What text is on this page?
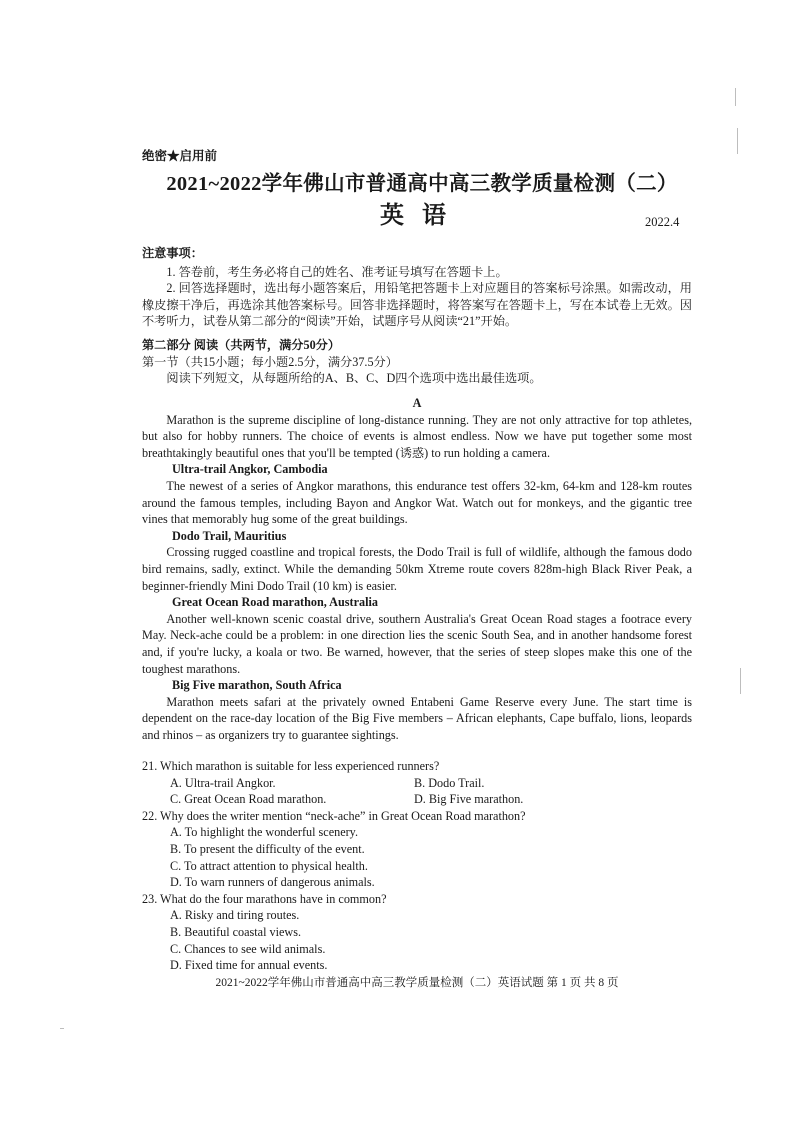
绝密★启用前
2021~2022学年佛山市普通高中高三教学质量检测（二）
英语	2022.4

注意事项：

1. 答卷前，考生务必将自己的姓名、准考证号填写在答题卡上。

2. 回答选择题时，选出每小题答案后，用铅笔把答题卡上对应题目的答案标号涂黑。如需改动，用橡皮擦干净后，再选涂其他答案标号。回答非选择题时，将答案写在答题卡上，写在本试卷上无效。因不考听力，试卷从第二部分的“阅读”开始，试题序号从阅读“21”开始。

第二部分 阅读（共两节，满分50分）

第一节（共15小题；每小题2.5分，满分37.5分）

阅读下列短文，从每题所给的A、B、C、D四个选项中选出最佳选项。

A

Marathon is the supreme discipline of long-distance running. They are not only attractive for top athletes, but also for hobby runners. The choice of events is almost endless. Now we have put together some most breathtakingly beautiful ones that you'll be tempted (诱惑) to run holding a camera.

Ultra-trail Angkor, Cambodia

The newest of a series of Angkor marathons, this endurance test offers 32-km, 64-km and 128-km routes around the famous temples, including Bayon and Angkor Wat. Watch out for monkeys, and the gigantic tree vines that memorably hug some of the great buildings.

Dodo Trail, Mauritius

Crossing rugged coastline and tropical forests, the Dodo Trail is full of wildlife, although the famous dodo bird remains, sadly, extinct. While the demanding 50km Xtreme route covers 828m-high Black River Peak, a beginner-friendly Mini Dodo Trail (10 km) is easier.

Great Ocean Road marathon, Australia

Another well-known scenic coastal drive, southern Australia's Great Ocean Road stages a footrace every May. Neck-ache could be a problem: in one direction lies the scenic South Sea, and in another handsome forest and, if you're lucky, a koala or two. Be warned, however, that the series of steep slopes make this one of the toughest marathons.

Big Five marathon, South Africa

Marathon meets safari at the privately owned Entabeni Game Reserve every June. The start time is dependent on the race-day location of the Big Five members – African elephants, Cape buffalo, lions, leopards and rhinos – as organizers try to guarantee sightings.

21. Which marathon is suitable for less experienced runners?

A. Ultra-trail Angkor.	B. Dodo Trail.
C. Great Ocean Road marathon.	D. Big Five marathon.

22. Why does the writer mention “neck-ache” in Great Ocean Road marathon?

A. To highlight the wonderful scenery.

B. To present the difficulty of the event.

C. To attract attention to physical health.

D. To warn runners of dangerous animals.

23. What do the four marathons have in common?

A. Risky and tiring routes.

B. Beautiful coastal views.

C. Chances to see wild animals.

D. Fixed time for annual events.

2021~2022学年佛山市普通高中高三教学质量检测（二）英语试题 第 1 页 共 8 页
